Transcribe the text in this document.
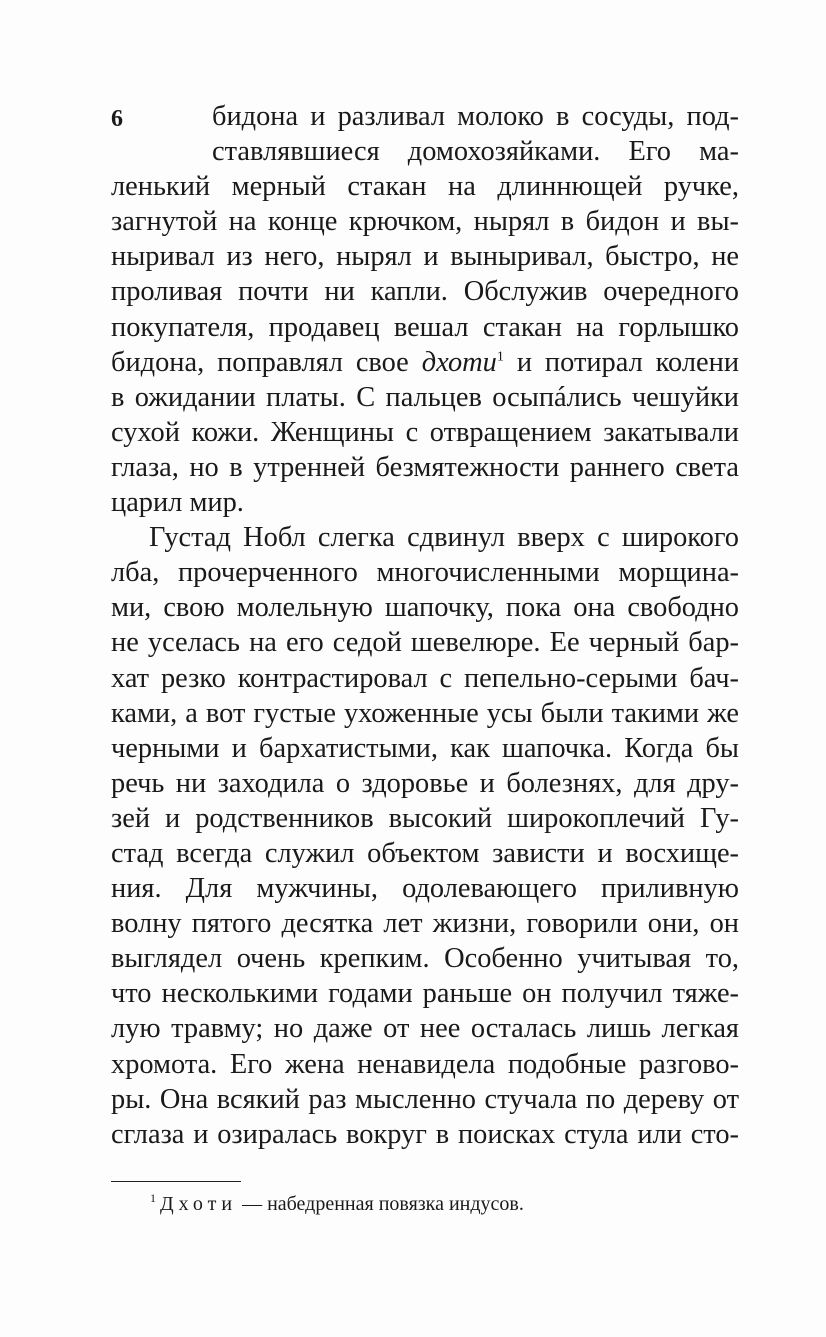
6	бидона и разливал молоко в сосуды, под-
ставлявшиеся домохозяйками. Его ма-
ленький мерный стакан на длиннющей ручке,
загнутой на конце крючком, нырял в бидон и вы-
ныривал из него, нырял и выныривал, быстро, не
проливая почти ни капли. Обслужив очередного
покупателя, продавец вешал стакан на горлышко
бидона, поправлял свое дхоти$^1$ и потирал колени
в ожидании платы. С пальцев осыпáлись чешуйки
сухой кожи. Женщины с отвращением закатывали
глаза, но в утренней безмятежности раннего света
царил мир.
Густад Нобл слегка сдвинул вверх с широкого
лба, прочерченного многочисленными морщина-
ми, свою молельную шапочку, пока она свободно
не уселась на его седой шевелюре. Ее черный бар-
хат резко контрастировал с пепельно-серыми бач-
ками, а вот густые ухоженные усы были такими же
черными и бархатистыми, как шапочка. Когда бы
речь ни заходила о здоровье и болезнях, для дру-
зей и родственников высокий широкоплечий Гу-
стад всегда служил объектом зависти и восхище-
ния. Для мужчины, одолевающего приливную
волну пятого десятка лет жизни, говорили они, он
выглядел очень крепким. Особенно учитывая то,
что несколькими годами раньше он получил тяже-
лую травму; но даже от нее осталась лишь легкая
хромота. Его жена ненавидела подобные разгово-
ры. Она всякий раз мысленно стучала по дереву от
сглаза и озиралась вокруг в поисках стула или сто-
$^1$ Дхоти — набедренная повязка индусов.
